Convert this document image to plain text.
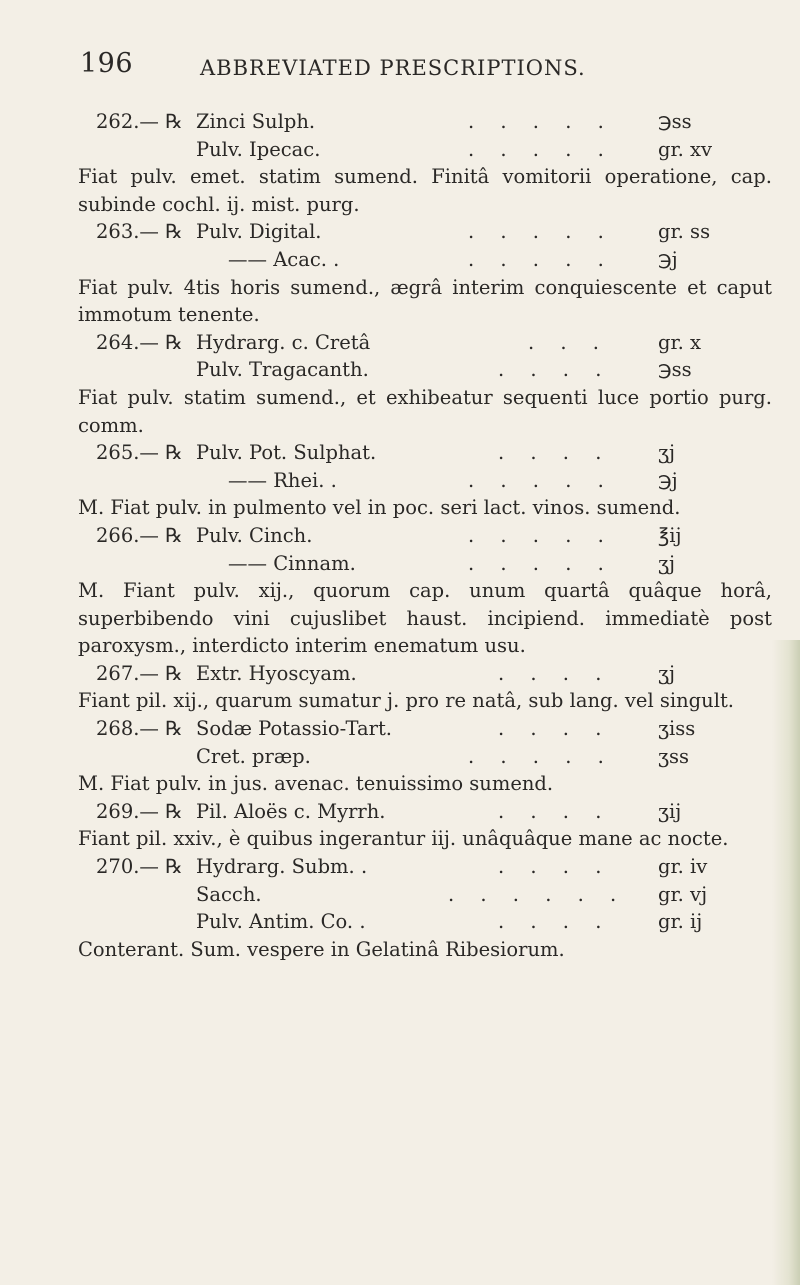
196	ABBREVIATED PRESCRIPTIONS.
262.— ℞ Zinci Sulph.	. . . . . ℈ss
Pulv. Ipecac.	. . . . . gr. xv
Fiat pulv. emet. statim sumend. Finitâ vomitorii operatione, cap. subinde cochl. ij. mist. purg.
263.— ℞ Pulv. Digital.	. . . . . gr. ss
—— Acac. .	. . . . . ℈j
Fiat pulv. 4tis horis sumend., ægrâ interim conquiescente et caput immotum tenente.
264.— ℞ Hydrarg. c. Cretâ	. . .	gr. x
Pulv. Tragacanth.	. . . . ℈ss
Fiat pulv. statim sumend., et exhibeatur sequenti luce portio purg. comm.
265.— ℞ Pulv. Pot. Sulphat.	. . . . ʒj
—— Rhei. .	. . . . . ℈j
M. Fiat pulv. in pulmento vel in poc. seri lact. vinos. sumend.
266.— ℞ Pulv. Cinch.	. . . . . ℥ij
—— Cinnam.	. . . . . ʒj
M. Fiant pulv. xij., quorum cap. unum quartâ quâque horâ, superbibendo vini cujuslibet haust. incipiend. immediatè post paroxysm., interdicto interim enematum usu.
267.— ℞ Extr. Hyoscyam.	. . . . ʒj
Fiant pil. xij., quarum sumatur j. pro re natâ, sub lang. vel singult.
268.— ℞ Sodæ Potassio-Tart.	. . . . ʒiss
Cret. præp.	. . . . . ʒss
M. Fiat pulv. in jus. avenac. tenuissimo sumend.
269.— ℞ Pil. Aloës c. Myrrh.	. . . . ʒij
Fiant pil. xxiv., è quibus ingerantur iij. unâquâque mane ac nocte.
270.— ℞ Hydrarg. Subm. .	. . . . gr. iv
Sacch.	. . . . . . gr. vj
Pulv. Antim. Co. .	. . . . gr. ij
Conterant. Sum. vespere in Gelatinâ Ribesiorum.
